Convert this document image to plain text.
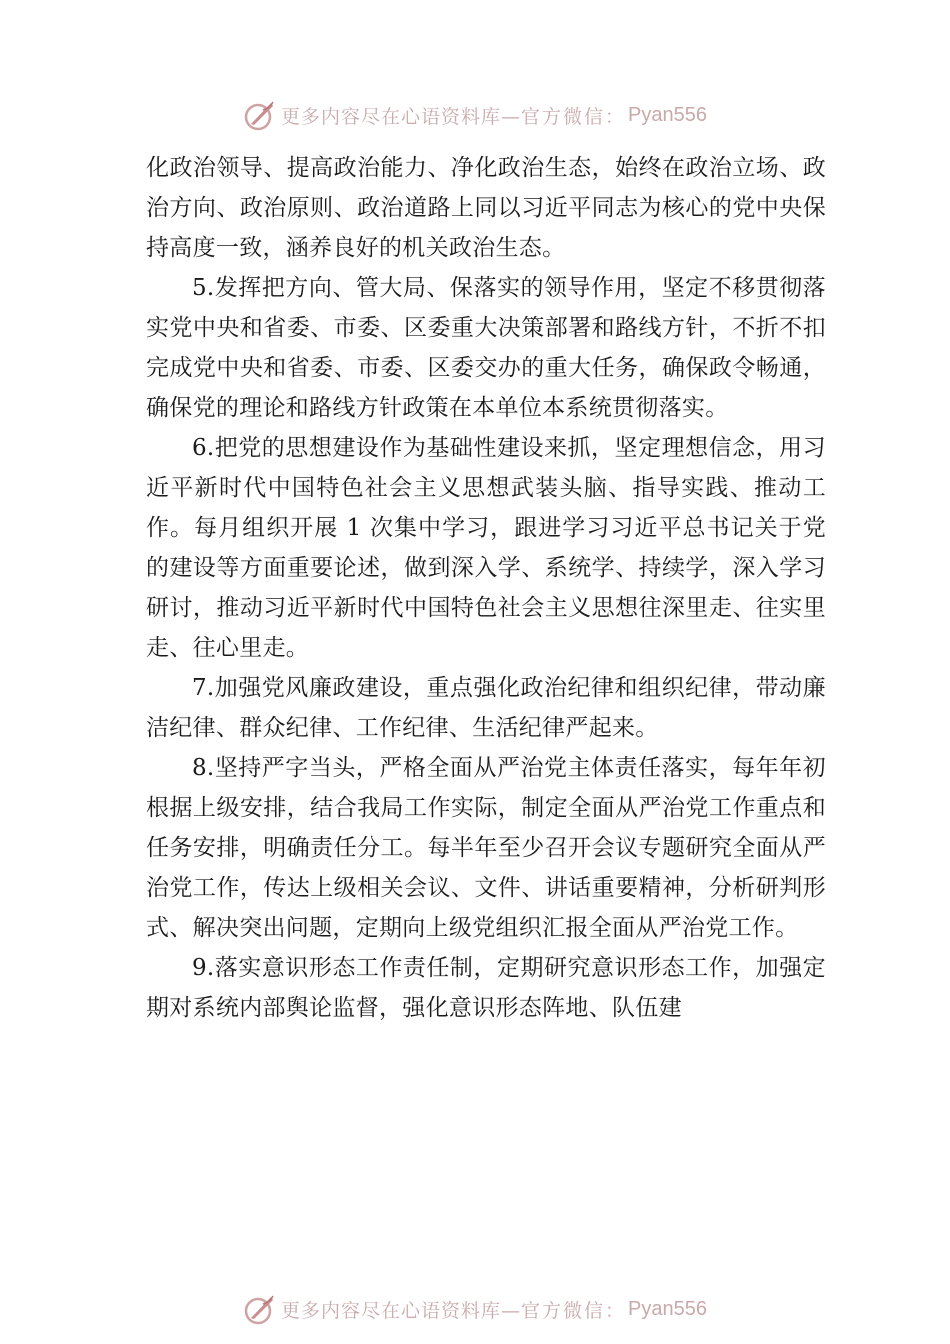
更多内容尽在心语资料库— 官方微信： Pyan556

化政治领导、提高政治能力、净化政治生态，始终在政治立场、政治方向、政治原则、政治道路上同以习近平同志为核心的党中央保持高度一致，涵养良好的机关政治生态。

5.发挥把方向、管大局、保落实的领导作用，坚定不移贯彻落实党中央和省委、市委、区委重大决策部署和路线方针，不折不扣完成党中央和省委、市委、区委交办的重大任务，确保政令畅通，确保党的理论和路线方针政策在本单位本系统贯彻落实。

6.把党的思想建设作为基础性建设来抓，坚定理想信念，用习近平新时代中国特色社会主义思想武装头脑、指导实践、推动工作。每月组织开展 1 次集中学习，跟进学习习近平总书记关于党的建设等方面重要论述，做到深入学、系统学、持续学，深入学习研讨，推动习近平新时代中国特色社会主义思想往深里走、往实里走、往心里走。

7.加强党风廉政建设，重点强化政治纪律和组织纪律，带动廉洁纪律、群众纪律、工作纪律、生活纪律严起来。

8.坚持严字当头，严格全面从严治党主体责任落实，每年年初根据上级安排，结合我局工作实际，制定全面从严治党工作重点和任务安排，明确责任分工。每半年至少召开会议专题研究全面从严治党工作，传达上级相关会议、文件、讲话重要精神，分析研判形式、解决突出问题，定期向上级党组织汇报全面从严治党工作。

9.落实意识形态工作责任制，定期研究意识形态工作，加强定期对系统内部舆论监督，强化意识形态阵地、队伍建

更多内容尽在心语资料库— 官方微信： Pyan556
